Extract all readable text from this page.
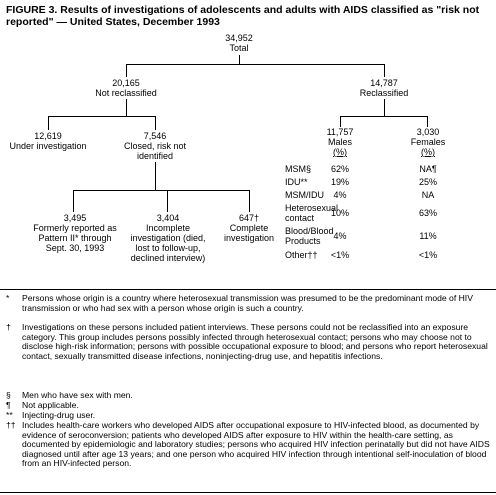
FIGURE 3. Results of investigations of adolescents and adults with AIDS classified as "risk not reported" — United States, December 1993
34,952
Total
20,165
Not reclassified
14,787
Reclassified
12,619
Under investigation
7,546
Closed, risk not identified
3,495
Formerly reported as Pattern II* through Sept. 30, 1993
3,404
Incomplete investigation (died, lost to follow-up, declined interview)
647†
Complete investigation
11,757
Males
(%)
3,030
Females
(%)
MSM§	62%	NA¶
IDU**	19%	25%
MSM/IDU	4%	NA
Heterosexual contact	10%	63%
Blood/Blood Products	4%	11%
Other††	<1%	<1%
*	Persons whose origin is a country where heterosexual transmission was presumed to be the predominant mode of HIV transmission or who had sex with a person whose origin is such a country.
†	Investigations on these persons included patient interviews. These persons could not be reclassified into an exposure category. This group includes persons possibly infected through heterosexual contact; persons who may choose not to disclose high-risk information; persons with possible occupational exposure to blood; and persons who report heterosexual contact, sexually transmitted disease infections, noninjecting-drug use, and hepatitis infections.
§	Men who have sex with men.
¶	Not applicable.
**	Injecting-drug user.
†† Includes health-care workers who developed AIDS after occupational exposure to HIV-infected blood, as documented by evidence of seroconversion; patients who developed AIDS after exposure to HIV within the health-care setting, as documented by epidemiologic and laboratory studies; persons who acquired HIV infection perinatally but did not have AIDS diagnosed until after age 13 years; and one person who acquired HIV infection through intentional self-inoculation of blood from an HIV-infected person.
